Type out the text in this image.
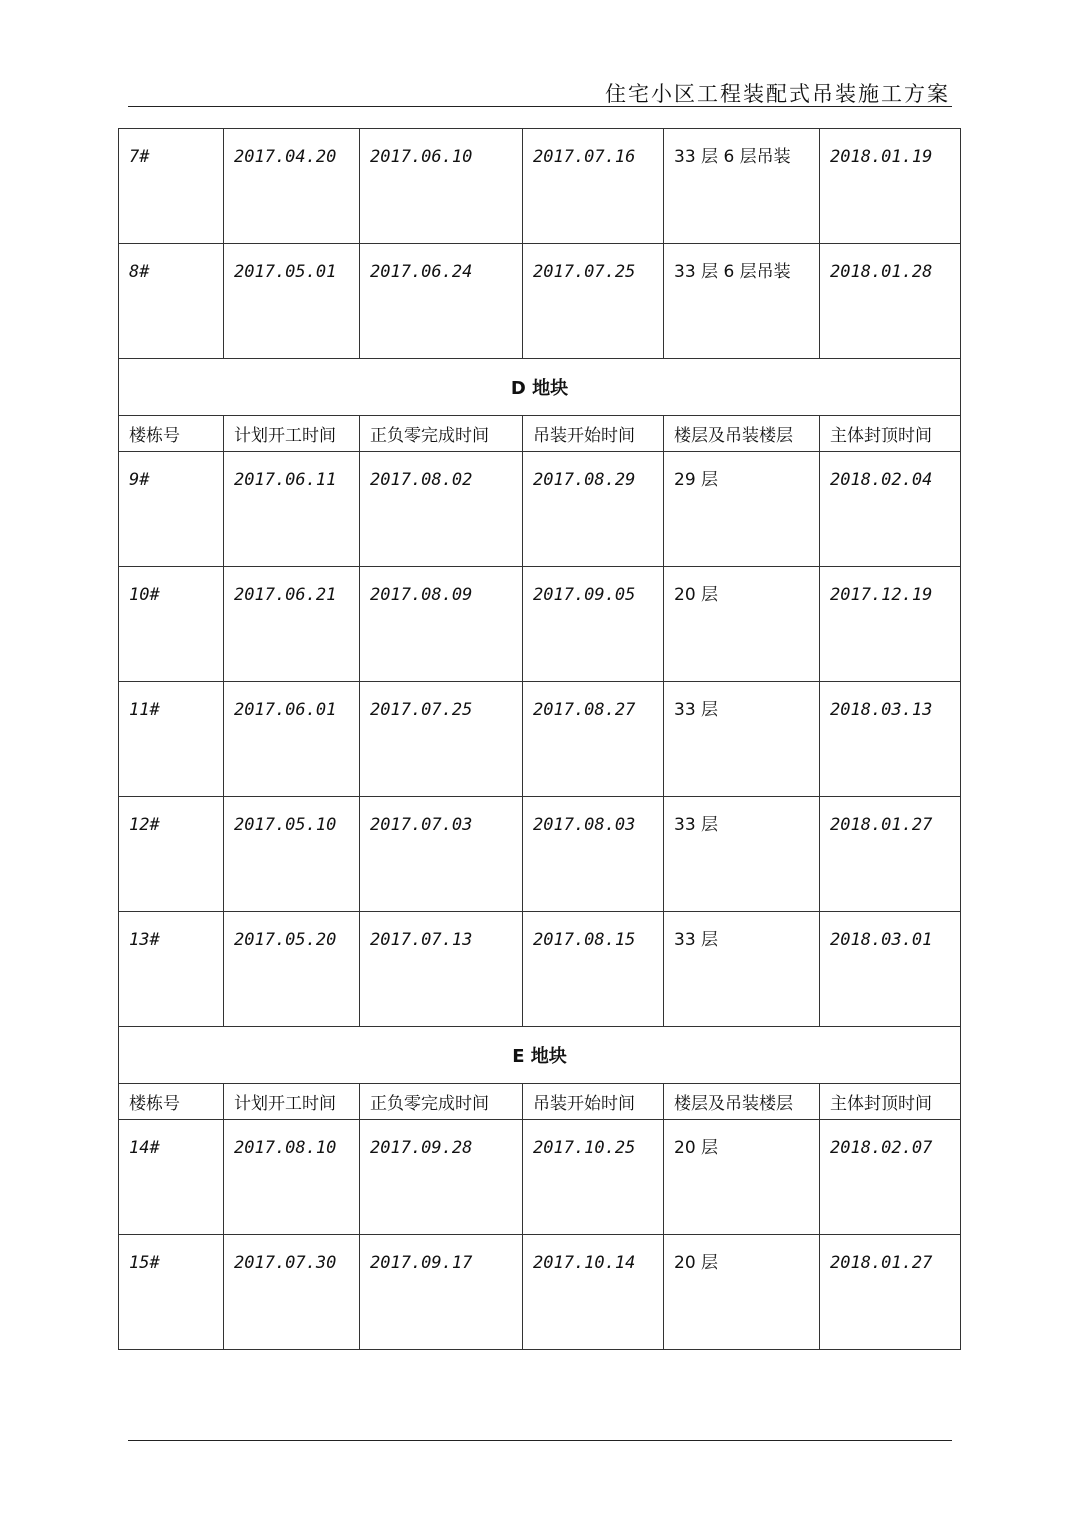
住宅小区工程装配式吊装施工方案
7#	2017.04.20	2017.06.10	2017.07.16	33 层 6 层吊装	2018.01.19

8#	2017.05.01	2017.06.24	2017.07.25	33 层 6 层吊装	2018.01.28

D 地块					

楼栋号	计划开工时间	正负零完成时间	吊装开始时间	楼层及吊装楼层	主体封顶时间

9#	2017.06.11	2017.08.02	2017.08.29	29 层	2018.02.04

10#	2017.06.21	2017.08.09	2017.09.05	20 层	2017.12.19

11#	2017.06.01	2017.07.25	2017.08.27	33 层	2018.03.13

12#	2017.05.10	2017.07.03	2017.08.03	33 层	2018.01.27

13#	2017.05.20	2017.07.13	2017.08.15	33 层	2018.03.01

E 地块					

楼栋号	计划开工时间	正负零完成时间	吊装开始时间	楼层及吊装楼层	主体封顶时间

14#	2017.08.10	2017.09.28	2017.10.25	20 层	2018.02.07

15#	2017.07.30	2017.09.17	2017.10.14	20 层	2018.01.27
